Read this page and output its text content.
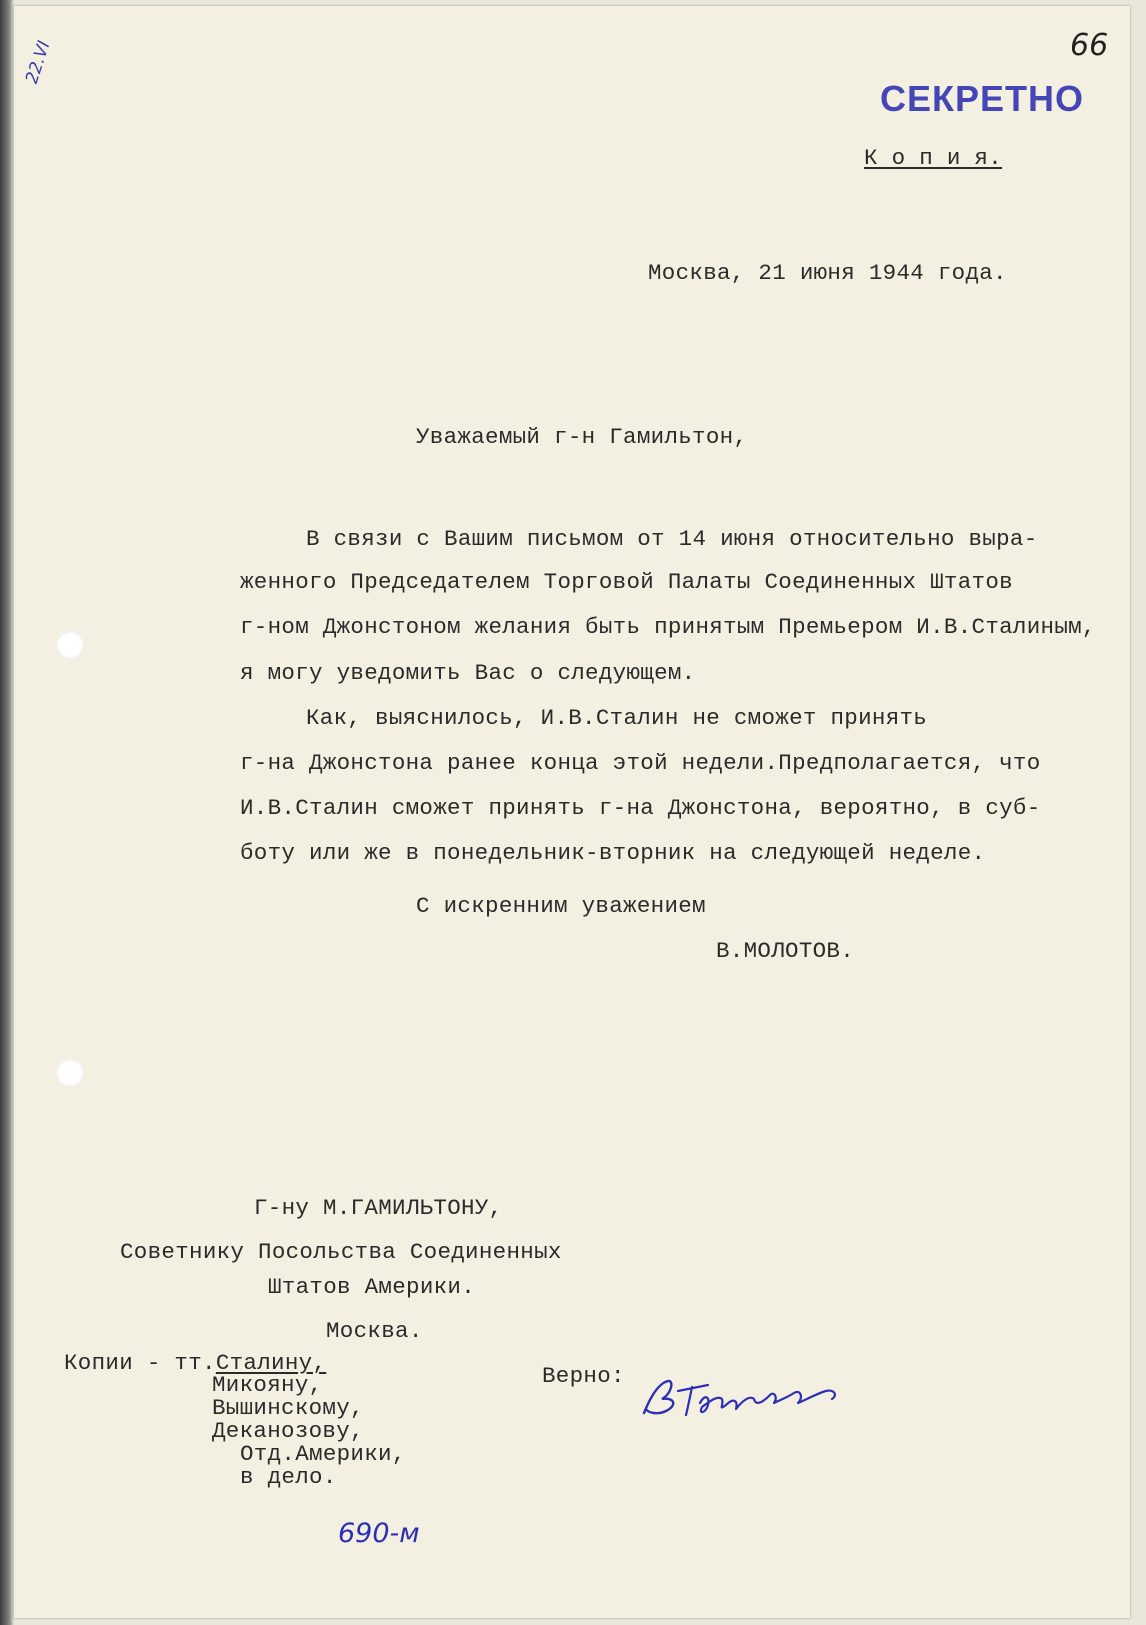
66
22.VI
СЕКРЕТНО
К о п и я.
Москва, 21 июня 1944 года.
Уважаемый г-н Гамильтон,
В связи с Вашим письмом от 14 июня относительно выра-
женного Председателем Торговой Палаты Соединенных Штатов
г-ном Джонстоном желания быть принятым Премьером И.В.Сталиным,
я могу уведомить Вас о следующем.
Как, выяснилось, И.В.Сталин не сможет принять
г-на Джонстона ранее конца этой недели.Предполагается, что
И.В.Сталин сможет принять г-на Джонстона, вероятно, в суб-
боту или же в понедельник-вторник на следующей неделе.
С искренним уважением
В.МОЛОТОВ.
Г-ну М.ГАМИЛЬТОНУ,
Советнику Посольства Соединенных
Штатов Америки.
Москва.
Копии - тт.Сталину,
Микояну,
Вышинскому,
Деканозову,
Отд.Америки,
в дело.
Верно:
690-м
